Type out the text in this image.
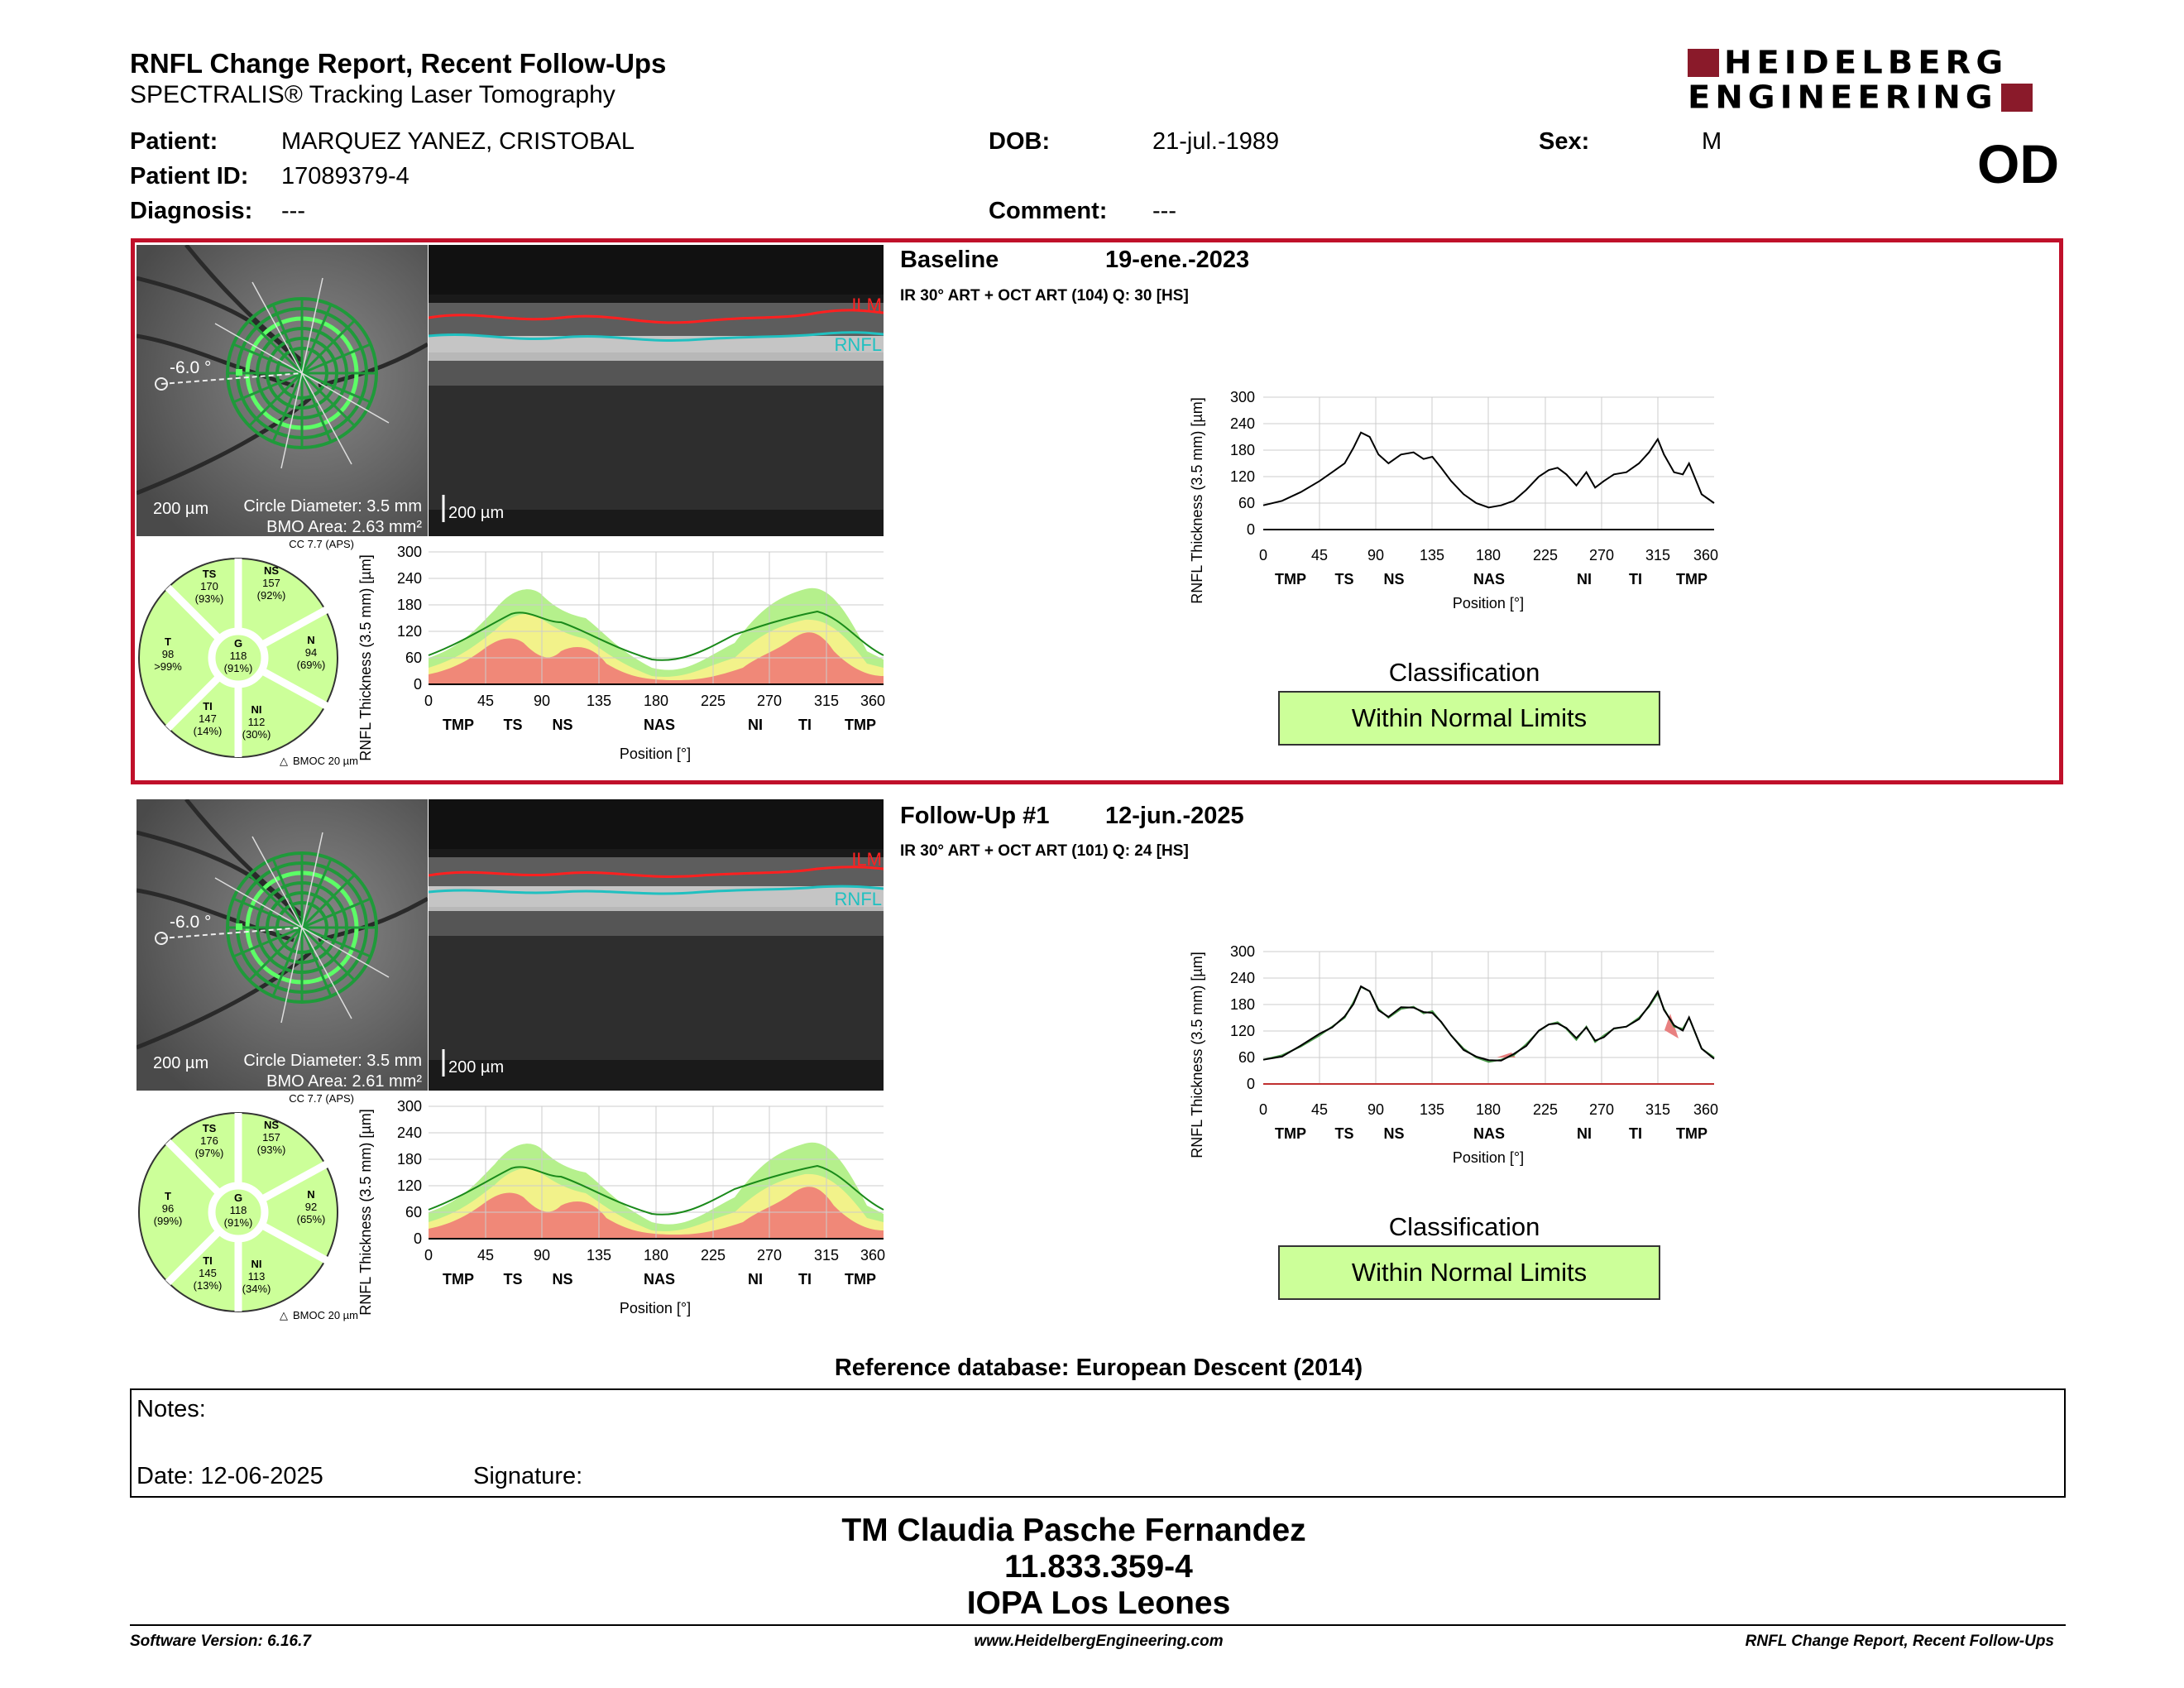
RNFL Change Report, Recent Follow-Ups
SPECTRALIS® Tracking Laser Tomography
HEIDELBERG
ENGINEERING
OD
Patient:	MARQUEZ YANEZ, CRISTOBAL
Patient ID: 17089379-4
Diagnosis: ---
DOB:	21-jul.-1989
Comment: ---
Sex:	M
-6.0 °
200 µm Circle Diameter: 3.5 mm
BMO Area: 2.63 mm²
ILM
RNFL
200 µm
CC 7.7 (APS)
TS
170
(93%)
NS
157
(92%)
T
98
>99%
G
118
(91%)
N
94
(69%)
TI
147
(14%)
NI
112
(30%)
△ BMOC 20 µm
RNFL Thickness (3.5 mm) [µm]
300
240
180
120
60
0
0	45	90 135 180 225 270 315 360
TMP TS NS	NAS	NI TI TMP
Position [°]
Baseline	19-ene.-2023
IR 30° ART + OCT ART (104) Q: 30 [HS]
RNFL Thickness (3.5 mm) [µm]
300
240
180
120
60
0
0	45	90 135 180 225 270 315 360
TMP TS NS	NAS	NI	TI TMP
Position [°]
Classification
Within Normal Limits
-6.0 °
200 µm Circle Diameter: 3.5 mm
BMO Area: 2.61 mm²
ILM
RNFL
200 µm
CC 7.7 (APS)
TS
176
(97%)
NS
157
(93%)
T
96
(99%)
G
118
(91%)
N
92
(65%)
TI
145
(13%)
NI
113
(34%)
△ BMOC 20 µm
RNFL Thickness (3.5 mm) [µm]
300
240
180
120
60
0
0	45	90 135 180 225 270 315 360
TMP TS NS	NAS	NI TI TMP
Position [°]
Follow-Up #1 12-jun.-2025
IR 30° ART + OCT ART (101) Q: 24 [HS]
RNFL Thickness (3.5 mm) [µm]
300
240
180
120
60
0
0	45	90 135 180 225 270 315 360
TMP TS NS	NAS	NI	TI TMP
Position [°]
Classification
Within Normal Limits
Reference database: European Descent (2014)
Notes:
Date: 12-06-2025	Signature:
TM Claudia Pasche Fernandez
11.833.359-4
IOPA Los Leones
Software Version: 6.16.7	www.HeidelbergEngineering.com	RNFL Change Report, Recent Follow-Ups
